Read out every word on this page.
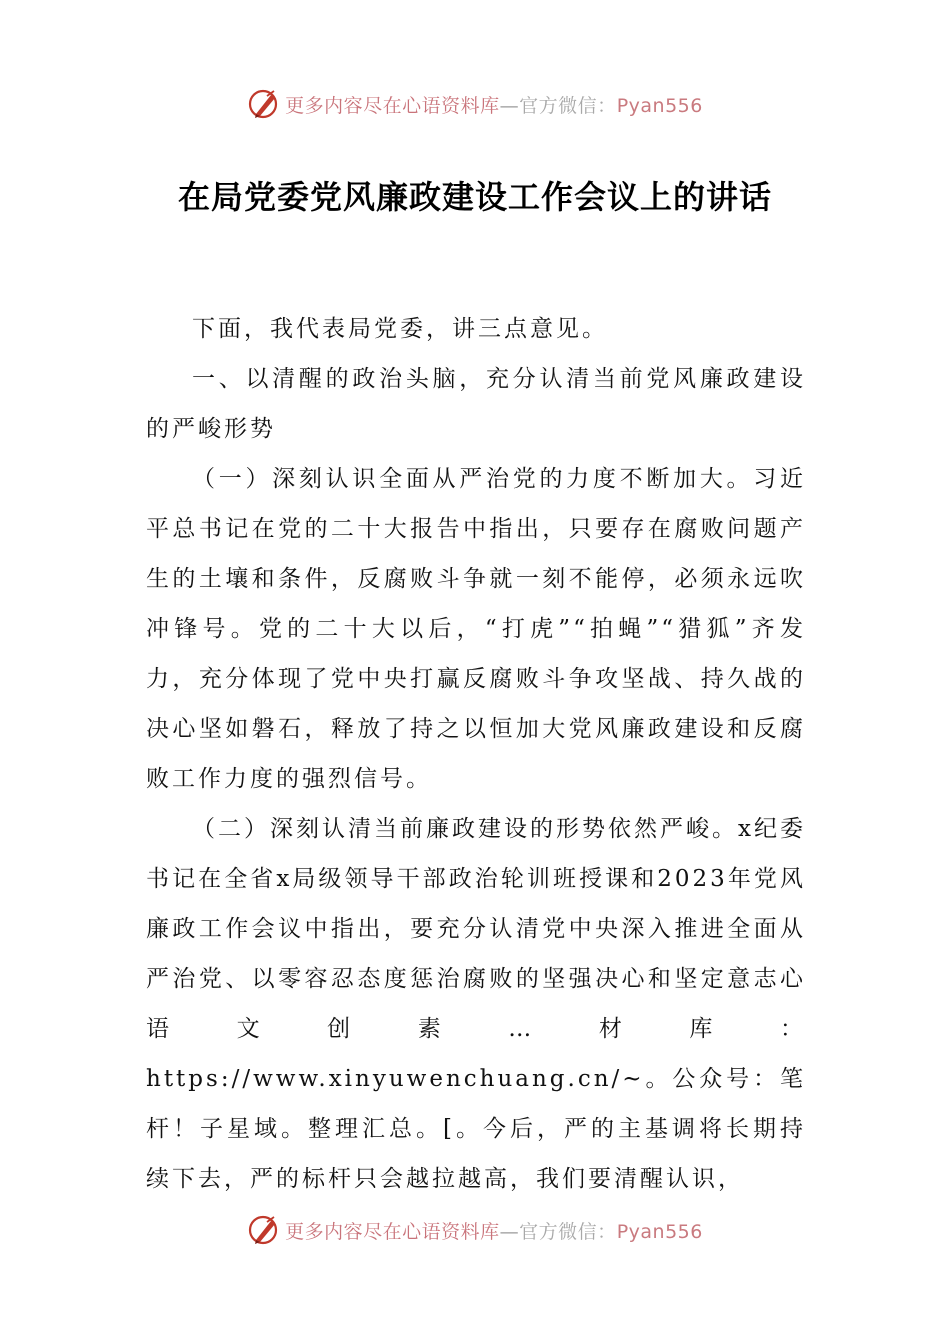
更多内容尽在心语资料库—官方微信：Pyan556
在局党委党风廉政建设工作会议上的讲话

下面，我代表局党委，讲三点意见。

一、以清醒的政治头脑，充分认清当前党风廉政建设的严峻形势

（一）深刻认识全面从严治党的力度不断加大。习近平总书记在党的二十大报告中指出，只要存在腐败问题产生的土壤和条件，反腐败斗争就一刻不能停，必须永远吹冲锋号。党的二十大以后，“打虎”“拍蝇”“猎狐”齐发力，充分体现了党中央打赢反腐败斗争攻坚战、持久战的决心坚如磐石，释放了持之以恒加大党风廉政建设和反腐败工作力度的强烈信号。

（二）深刻认清当前廉政建设的形势依然严峻。x纪委书记在全省x局级领导干部政治轮训班授课和2023年党风廉政工作会议中指出，要充分认清党中央深入推进全面从严治党、以零容忍态度惩治腐败的坚强决心和坚定意志心语文创素…材库：https://www.xinyuwenchuang.cn/~。公众号：笔杆！子星域。整理汇总。[。今后，严的主基调将长期持续下去，严的标杆只会越拉越高，我们要清醒认识，

更多内容尽在心语资料库—官方微信：Pyan556
